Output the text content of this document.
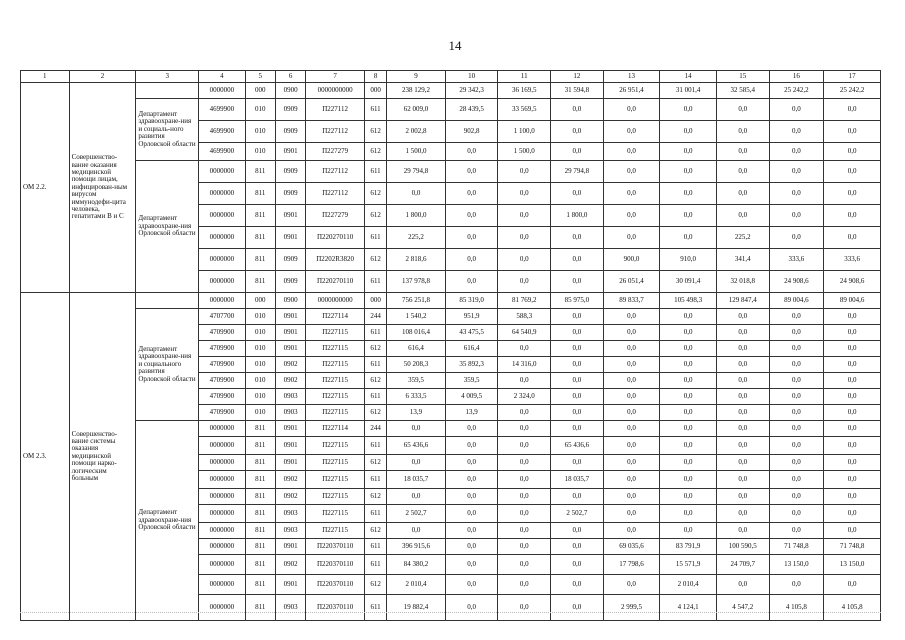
14
1	2	3	4	5	6	7	8	9	10	11	12	13	14	15	16	17
ОМ 2.2.	Совершенство-вание оказания медицинской помощи лицам, инфицирован-ным вирусом иммунодефи-цита человека, гепатитами В и С		0000000	000	0900	0000000000	000	238 129,2	29 342,3	36 169,5	31 594,8	26 951,4	31 001,4	32 585,4	25 242,2	25 242,2
		Департамент здравоохране-ния и социаль-ного развития Орловской области	4699900	010	0909	П227112	611	62 009,0	28 439,5	33 569,5	0,0	0,0	0,0	0,0	0,0	0,0
			4699900	010	0909	П227112	612	2 002,8	902,8	1 100,0	0,0	0,0	0,0	0,0	0,0	0,0
			4699900	010	0901	П227279	612	1 500,0	0,0	1 500,0	0,0	0,0	0,0	0,0	0,0	0,0
		Департамент здравоохране-ния Орловской области	0000000	811	0909	П227112	611	29 794,8	0,0	0,0	29 794,8	0,0	0,0	0,0	0,0	0,0
			0000000	811	0909	П227112	612	0,0	0,0	0,0	0,0	0,0	0,0	0,0	0,0	0,0
			0000000	811	0901	П227279	612	1 800,0	0,0	0,0	1 800,0	0,0	0,0	0,0	0,0	0,0
			0000000	811	0901	П220270110	611	225,2	0,0	0,0	0,0	0,0	0,0	225,2	0,0	0,0
			0000000	811	0909	П2202R3820	612	2 818,6	0,0	0,0	0,0	900,0	910,0	341,4	333,6	333,6
			0000000	811	0909	П220270110	611	137 978,8	0,0	0,0	0,0	26 051,4	30 091,4	32 018,8	24 908,6	24 908,6
ОМ 2.3.	Совершенство-вание системы оказания медицинской помощи нарко-логическим больным		0000000	000	0900	0000000000	000	756 251,8	85 319,0	81 769,2	85 975,0	89 833,7	105 498,3	129 847,4	89 004,6	89 004,6
		Департамент здравоохране-ния и социального развития Орловской области	4707700	010	0901	П227114	244	1 540,2	951,9	588,3	0,0	0,0	0,0	0,0	0,0	0,0
			4709900	010	0901	П227115	611	108 016,4	43 475,5	64 540,9	0,0	0,0	0,0	0,0	0,0	0,0
			4709900	010	0901	П227115	612	616,4	616,4	0,0	0,0	0,0	0,0	0,0	0,0	0,0
			4709900	010	0902	П227115	611	50 208,3	35 892,3	14 316,0	0,0	0,0	0,0	0,0	0,0	0,0
			4709900	010	0902	П227115	612	359,5	359,5	0,0	0,0	0,0	0,0	0,0	0,0	0,0
			4709900	010	0903	П227115	611	6 333,5	4 009,5	2 324,0	0,0	0,0	0,0	0,0	0,0	0,0
			4709900	010	0903	П227115	612	13,9	13,9	0,0	0,0	0,0	0,0	0,0	0,0	0,0
		Департамент здравоохране-ния Орловской области	0000000	811	0901	П227114	244	0,0	0,0	0,0	0,0	0,0	0,0	0,0	0,0	0,0
			0000000	811	0901	П227115	611	65 436,6	0,0	0,0	65 436,6	0,0	0,0	0,0	0,0	0,0
			0000000	811	0901	П227115	612	0,0	0,0	0,0	0,0	0,0	0,0	0,0	0,0	0,0
			0000000	811	0902	П227115	611	18 035,7	0,0	0,0	18 035,7	0,0	0,0	0,0	0,0	0,0
			0000000	811	0902	П227115	612	0,0	0,0	0,0	0,0	0,0	0,0	0,0	0,0	0,0
			0000000	811	0903	П227115	611	2 502,7	0,0	0,0	2 502,7	0,0	0,0	0,0	0,0	0,0
			0000000	811	0903	П227115	612	0,0	0,0	0,0	0,0	0,0	0,0	0,0	0,0	0,0
			0000000	811	0901	П220370110	611	396 915,6	0,0	0,0	0,0	69 035,6	83 791,9	100 590,5	71 748,8	71 748,8
			0000000	811	0902	П220370110	611	84 380,2	0,0	0,0	0,0	17 798,6	15 571,9	24 709,7	13 150,0	13 150,0
			0000000	811	0901	П220370110	612	2 010,4	0,0	0,0	0,0	0,0	2 010,4	0,0	0,0	0,0
			0000000	811	0903	П220370110	611	19 882,4	0,0	0,0	0,0	2 999,5	4 124,1	4 547,2	4 105,8	4 105,8
